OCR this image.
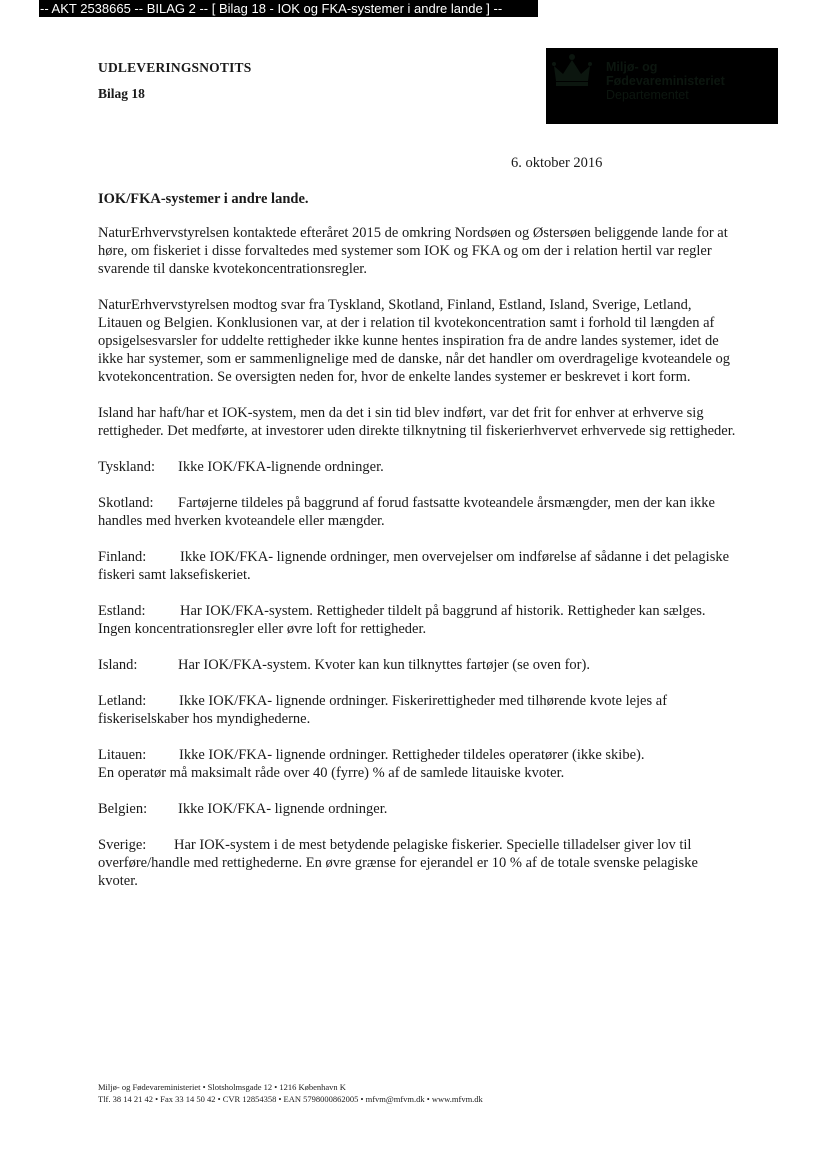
-- AKT 2538665 -- BILAG 2 -- [ Bilag 18 - IOK og FKA-systemer i andre lande ] --
UDLEVERINGSNOTITS
Bilag 18
Miljø- og
Fødevareministeriet
Departementet
6. oktober 2016
IOK/FKA-systemer i andre lande.

NaturErhvervstyrelsen kontaktede efteråret 2015 de omkring Nordsøen og Østersøen beliggende lande for at høre, om fiskeriet i disse forvaltedes med systemer som IOK og FKA og om der i relation hertil var regler svarende til danske kvotekoncentrationsregler.

NaturErhvervstyrelsen modtog svar fra Tyskland, Skotland, Finland, Estland, Island, Sverige, Letland, Litauen og Belgien. Konklusionen var, at der i relation til kvotekoncentration samt i forhold til længden af opsigelsesvarsler for uddelte rettigheder ikke kunne hentes inspiration fra de andre landes systemer, idet de ikke har systemer, som er sammenlignelige med de danske, når det handler om overdragelige kvoteandele og kvotekoncentration. Se oversigten neden for, hvor de enkelte landes systemer er beskrevet i kort form.

Island har haft/har et IOK-system, men da det i sin tid blev indført, var det frit for enhver at erhverve sig rettigheder. Det medførte, at investorer uden direkte tilknytning til fiskerierhvervet erhvervede sig rettigheder.

Tyskland: Ikke IOK/FKA-lignende ordninger.

Skotland: Fartøjerne tildeles på baggrund af forud fastsatte kvoteandele årsmængder, men der kan ikke handles med hverken kvoteandele eller mængder.

Finland: Ikke IOK/FKA- lignende ordninger, men overvejelser om indførelse af sådanne i det pelagiske fiskeri samt laksefiskeriet.

Estland: Har IOK/FKA-system. Rettigheder tildelt på baggrund af historik. Rettigheder kan sælges. Ingen koncentrationsregler eller øvre loft for rettigheder.

Island:	Har IOK/FKA-system. Kvoter kan kun tilknyttes fartøjer (se oven for).

Letland: Ikke IOK/FKA- lignende ordninger. Fiskerirettigheder med tilhørende kvote lejes af fiskeriselskaber hos myndighederne.

Litauen: Ikke IOK/FKA- lignende ordninger. Rettigheder tildeles operatører (ikke skibe).
En operatør må maksimalt råde over 40 (fyrre) % af de samlede litauiske kvoter.

Belgien: Ikke IOK/FKA- lignende ordninger.

Sverige: Har IOK-system i de mest betydende pelagiske fiskerier. Specielle tilladelser giver lov til overføre/handle med rettighederne. En øvre grænse for ejerandel er 10 % af de totale svenske pelagiske kvoter.

Miljø- og Fødevareministeriet • Slotsholmsgade 12 • 1216 København K
Tlf. 38 14 21 42 • Fax 33 14 50 42 • CVR 12854358 • EAN 5798000862005 • mfvm@mfvm.dk • www.mfvm.dk
